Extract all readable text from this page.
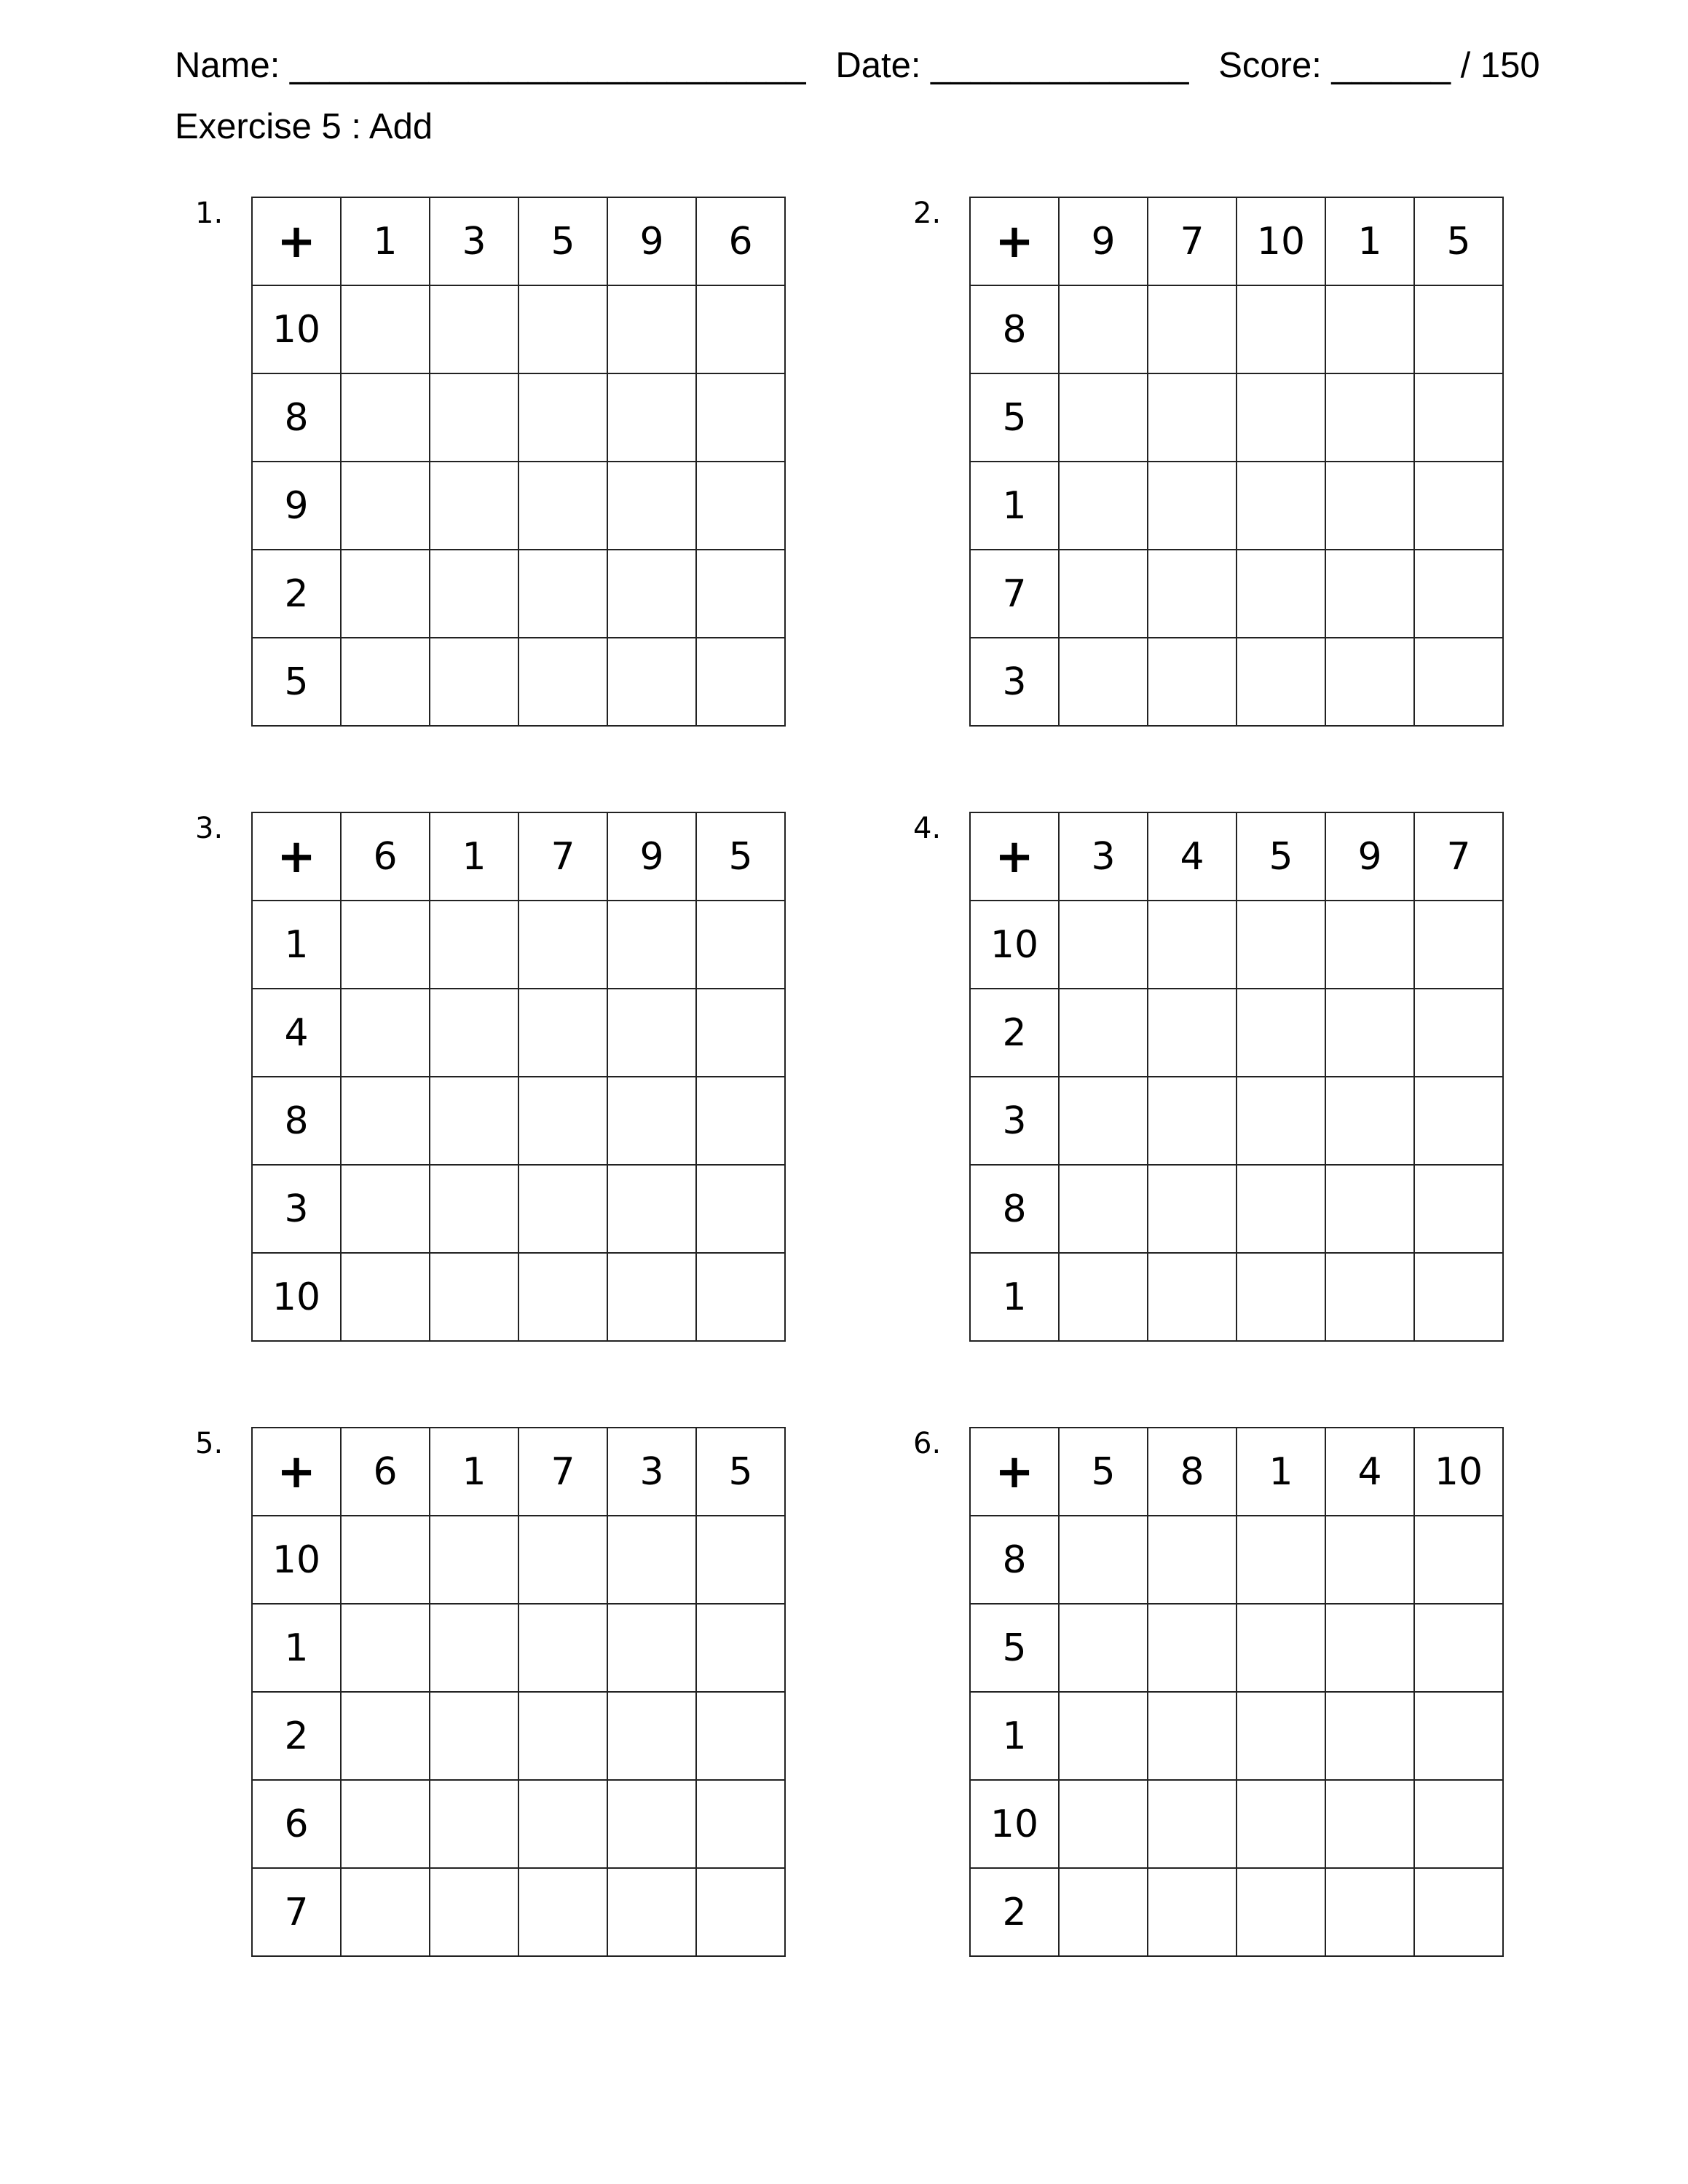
Name: __________________________ Date: _____________ Score: ______ / 150
Exercise 5 : Add
1.
+	1	3	5	9	6
10					
8					
9					
2					
5					
2.
+	9	7	10	1	5
8					
5					
1					
7					
3					
3.
+	6	1	7	9	5
1					
4					
8					
3					
10					
4.
+	3	4	5	9	7
10					
2					
3					
8					
1					
5.
+	6	1	7	3	5
10					
1					
2					
6					
7					
6.
+	5	8	1	4	10
8					
5					
1					
10					
2					
